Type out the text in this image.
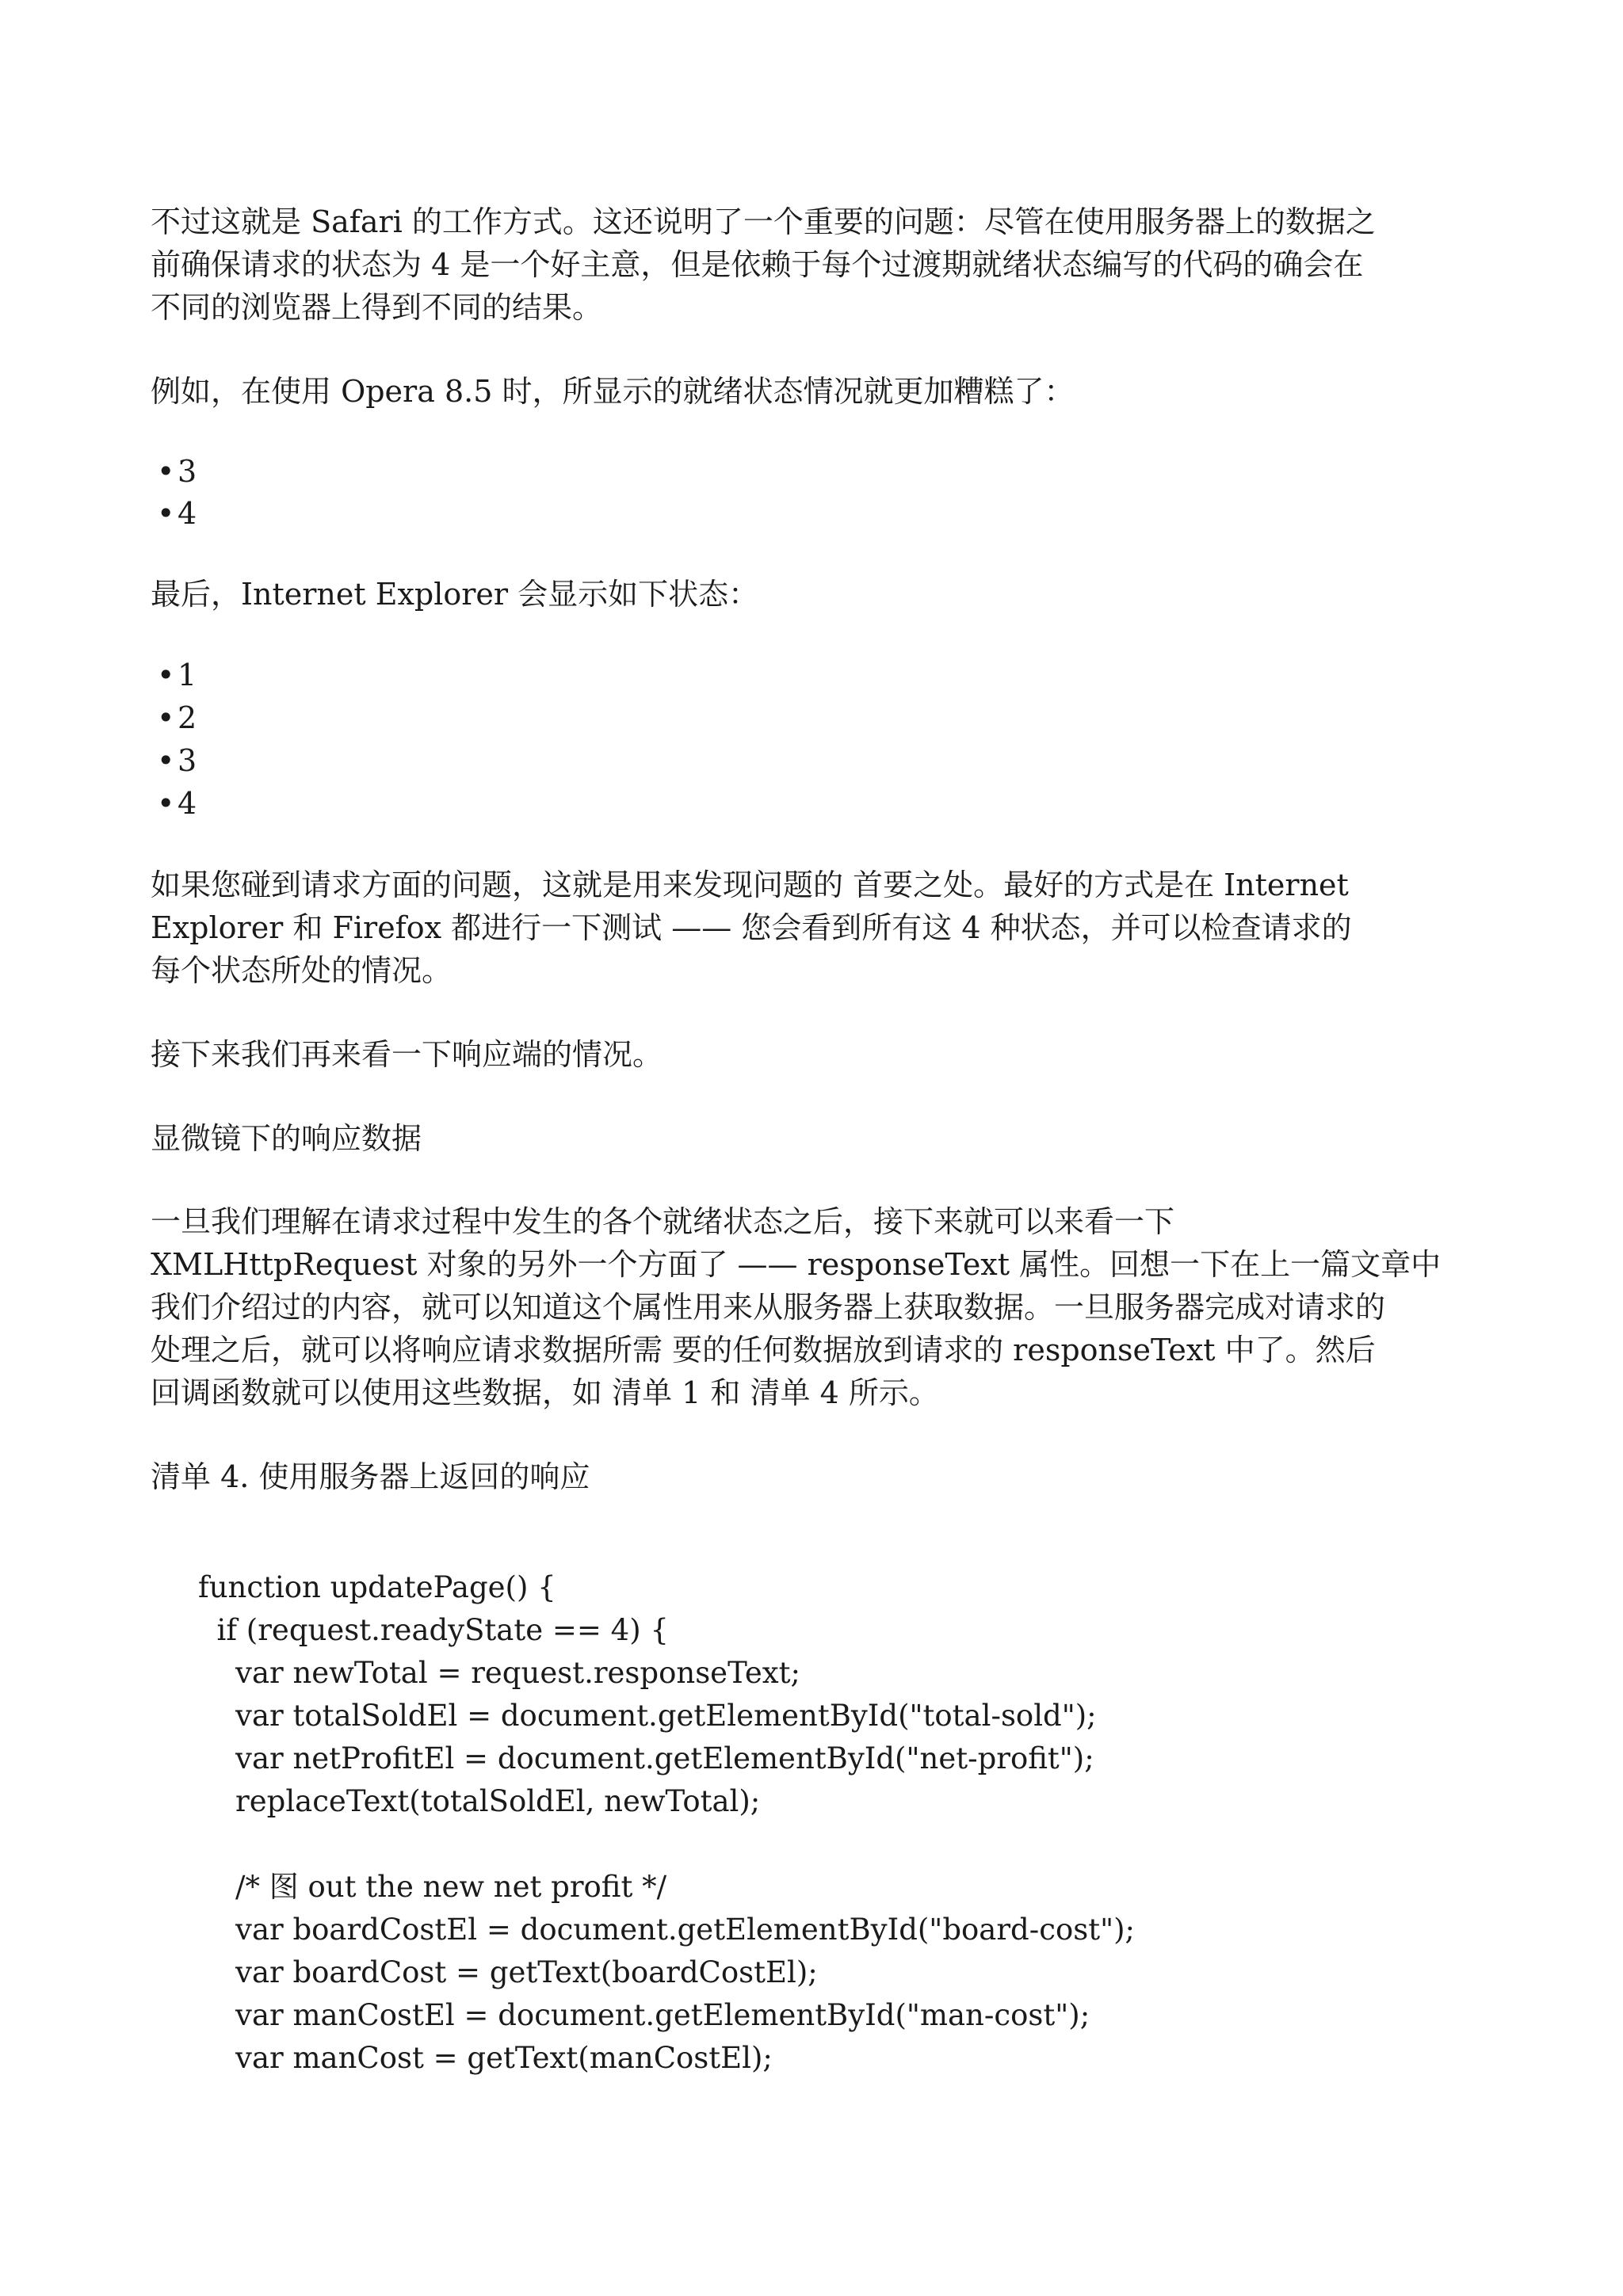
不过这就是 Safari 的工作方式。这还说明了一个重要的问题：尽管在使用服务器上的数据之

前确保请求的状态为 4 是一个好主意，但是依赖于每个过渡期就绪状态编写的代码的确会在

不同的浏览器上得到不同的结果。

例如，在使用 Opera 8.5 时，所显示的就绪状态情况就更加糟糕了：

•3

•4

最后，Internet Explorer 会显示如下状态：

•1

•2

•3

•4

如果您碰到请求方面的问题，这就是用来发现问题的 首要之处。最好的方式是在 Internet

Explorer 和 Firefox 都进行一下测试 —— 您会看到所有这 4 种状态，并可以检查请求的

每个状态所处的情况。

接下来我们再来看一下响应端的情况。

显微镜下的响应数据

一旦我们理解在请求过程中发生的各个就绪状态之后，接下来就可以来看一下

XMLHttpRequest 对象的另外一个方面了 —— responseText 属性。回想一下在上一篇文章中

我们介绍过的内容，就可以知道这个属性用来从服务器上获取数据。一旦服务器完成对请求的

处理之后，就可以将响应请求数据所需 要的任何数据放到请求的 responseText 中了。然后

回调函数就可以使用这些数据，如 清单 1 和 清单 4 所示。

清单 4. 使用服务器上返回的响应

function updatePage() {

if (request.readyState == 4) {

var newTotal = request.responseText;

var totalSoldEl = document.getElementById("total-sold");

var netProfitEl = document.getElementById("net-profit");

replaceText(totalSoldEl, newTotal);

/* 图 out the new net profit */

var boardCostEl = document.getElementById("board-cost");

var boardCost = getText(boardCostEl);

var manCostEl = document.getElementById("man-cost");

var manCost = getText(manCostEl);
